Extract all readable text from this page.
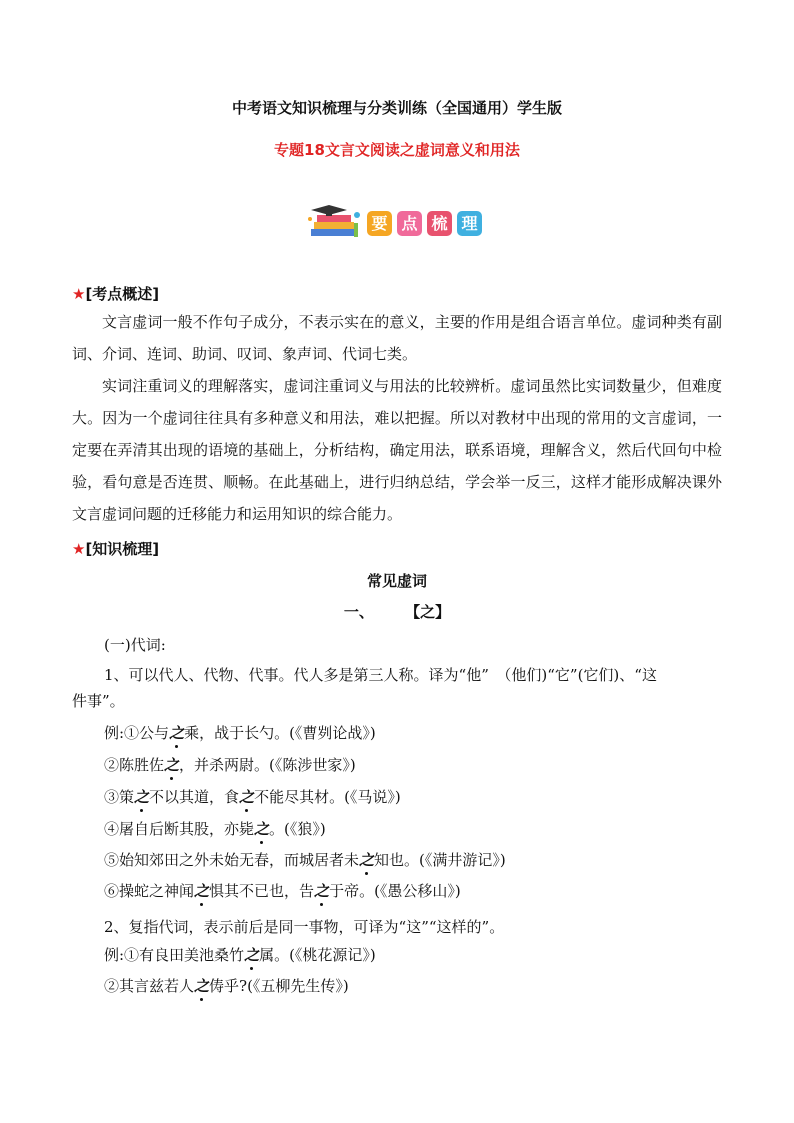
中考语文知识梳理与分类训练（全国通用）学生版
专题18文言文阅读之虚词意义和用法
要 点 梳 理
★[考点概述]

文言虚词一般不作句子成分，不表示实在的意义，主要的作用是组合语言单位。虚词种类有副词、介词、连词、助词、叹词、象声词、代词七类。

实词注重词义的理解落实，虚词注重词义与用法的比较辨析。虚词虽然比实词数量少，但难度大。因为一个虚词往往具有多种意义和用法，难以把握。所以对教材中出现的常用的文言虚词，一定要在弄清其出现的语境的基础上，分析结构，确定用法，联系语境，理解含义，然后代回句中检验，看句意是否连贯、顺畅。在此基础上，进行归纳总结，学会举一反三，这样才能形成解决课外文言虚词问题的迁移能力和运用知识的综合能力。

★[知识梳理]
常见虚词
一、 【之】
(一)代词:
1、可以代人、代物、代事。代人多是第三人称。译为“他”　（他们)“它”(它们)、“这
件事”。
例:①公与之乘，战于长勺。(《曹刿论战》)
②陈胜佐之，并杀两尉。(《陈涉世家》)
③策之不以其道，食之不能尽其材。(《马说》)
④屠自后断其股，亦毙之。(《狼》)
⑤始知郊田之外未始无春，而城居者未之知也。(《满井游记》)
⑥操蛇之神闻之惧其不已也，告之于帝。(《愚公移山》)
2、复指代词，表示前后是同一事物，可译为“这”“这样的”。
例:①有良田美池桑竹之属。(《桃花源记》)
②其言兹若人之俦乎?(《五柳先生传》)
